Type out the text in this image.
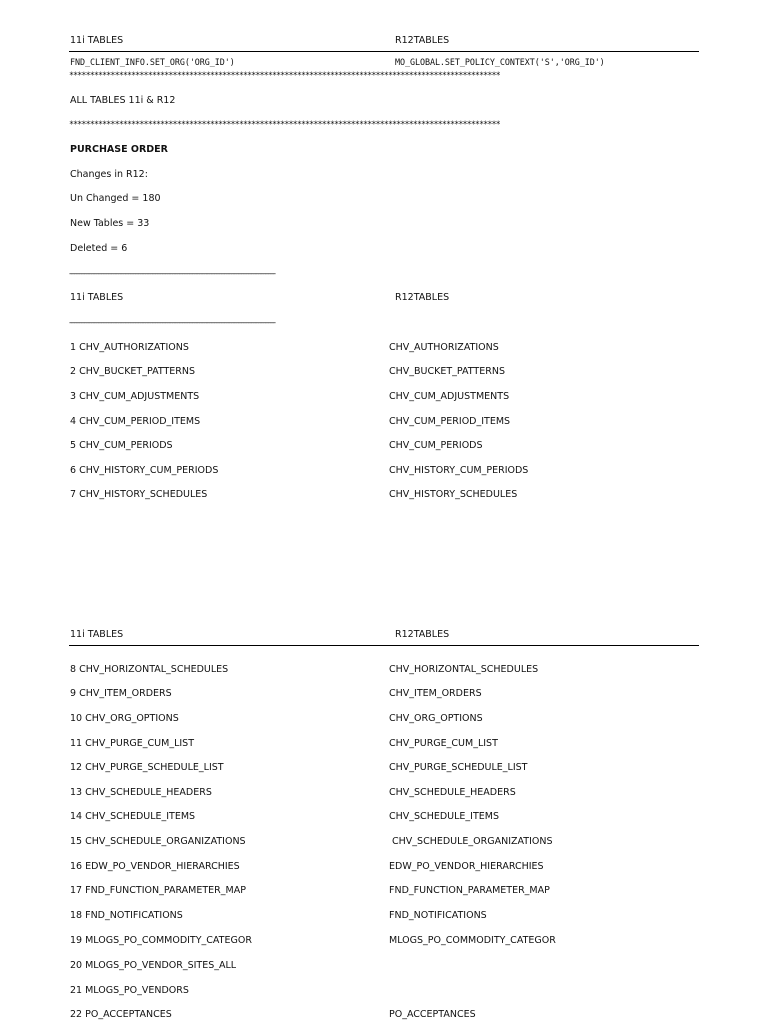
11i TABLES	R12TABLES
FND_CLIENT_INFO.SET_ORG('ORG_ID')	MO_GLOBAL.SET_POLICY_CONTEXT('S','ORG_ID')
********************************************************************************************************
ALL TABLES 11i & R12
********************************************************************************************************
PURCHASE ORDER
Changes in R12:
Un Changed = 180
New Tables = 33
Deleted = 6
--------------------------------------------------------------------------------------------------------------------------
11i TABLES	R12TABLES
--------------------------------------------------------------------------------------------------------------------------
1 CHV_AUTHORIZATIONS	CHV_AUTHORIZATIONS
2 CHV_BUCKET_PATTERNS	CHV_BUCKET_PATTERNS
3 CHV_CUM_ADJUSTMENTS	CHV_CUM_ADJUSTMENTS
4 CHV_CUM_PERIOD_ITEMS	CHV_CUM_PERIOD_ITEMS
5 CHV_CUM_PERIODS	CHV_CUM_PERIODS
6 CHV_HISTORY_CUM_PERIODS	CHV_HISTORY_CUM_PERIODS
7 CHV_HISTORY_SCHEDULES	CHV_HISTORY_SCHEDULES
11i TABLES	R12TABLES
8 CHV_HORIZONTAL_SCHEDULES	CHV_HORIZONTAL_SCHEDULES
9 CHV_ITEM_ORDERS	CHV_ITEM_ORDERS
10 CHV_ORG_OPTIONS	CHV_ORG_OPTIONS
11 CHV_PURGE_CUM_LIST	CHV_PURGE_CUM_LIST
12 CHV_PURGE_SCHEDULE_LIST	CHV_PURGE_SCHEDULE_LIST
13 CHV_SCHEDULE_HEADERS	CHV_SCHEDULE_HEADERS
14 CHV_SCHEDULE_ITEMS	CHV_SCHEDULE_ITEMS
15 CHV_SCHEDULE_ORGANIZATIONS	CHV_SCHEDULE_ORGANIZATIONS
16 EDW_PO_VENDOR_HIERARCHIES	EDW_PO_VENDOR_HIERARCHIES
17 FND_FUNCTION_PARAMETER_MAP	FND_FUNCTION_PARAMETER_MAP
18 FND_NOTIFICATIONS	FND_NOTIFICATIONS
19 MLOGS_PO_COMMODITY_CATEGOR	MLOGS_PO_COMMODITY_CATEGOR
20 MLOGS_PO_VENDOR_SITES_ALL
21 MLOGS_PO_VENDORS
22 PO_ACCEPTANCES	PO_ACCEPTANCES
